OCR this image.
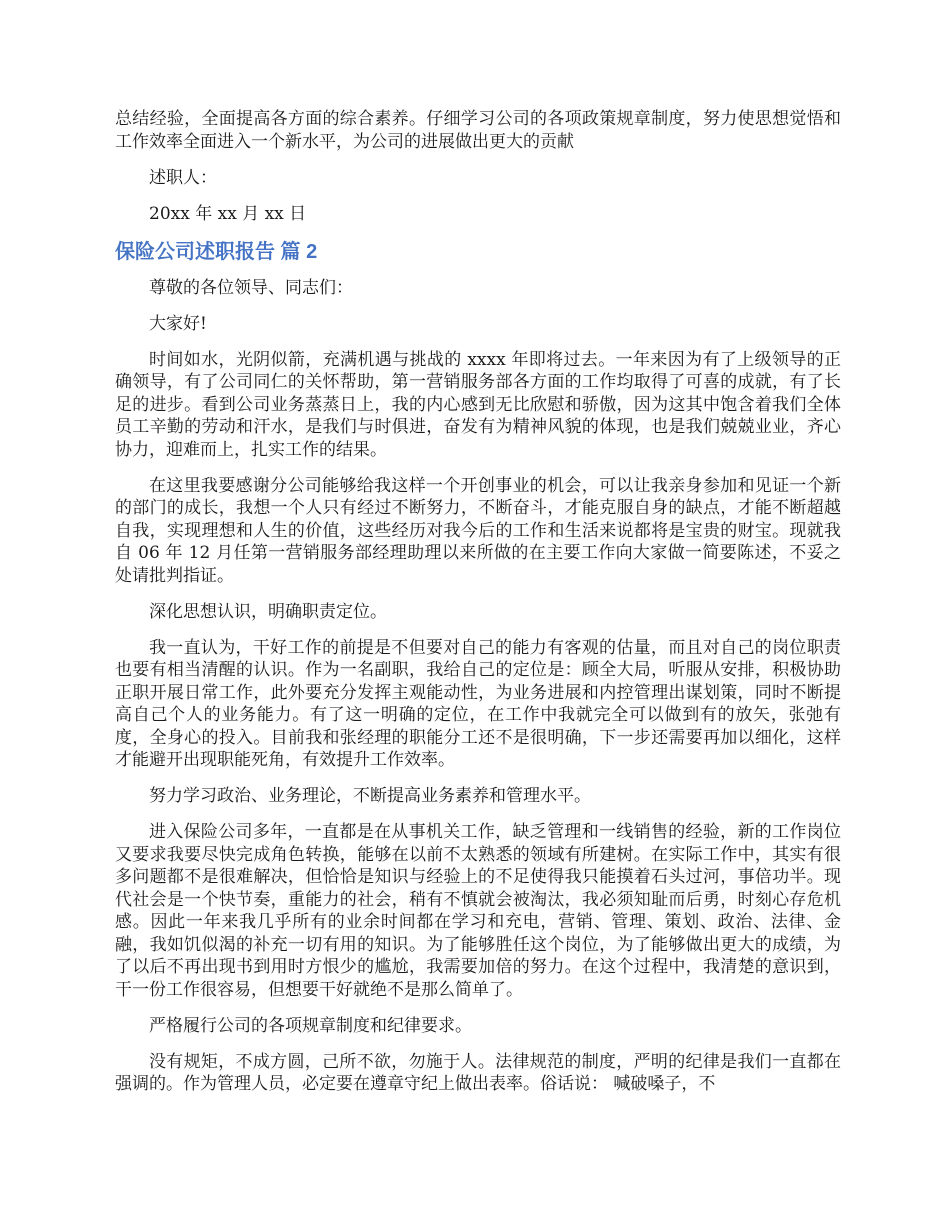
总结经验，全面提高各方面的综合素养。仔细学习公司的各项政策规章制度，努力使思想觉悟和工作效率全面进入一个新水平，为公司的进展做出更大的贡献

述职人：

20xx 年 xx 月 xx 日

保险公司述职报告 篇 2

尊敬的各位领导、同志们：

大家好!

时间如水，光阴似箭，充满机遇与挑战的 xxxx 年即将过去。一年来因为有了上级领导的正确领导，有了公司同仁的关怀帮助，第一营销服务部各方面的工作均取得了可喜的成就，有了长足的进步。看到公司业务蒸蒸日上，我的内心感到无比欣慰和骄傲，因为这其中饱含着我们全体员工辛勤的劳动和汗水，是我们与时俱进，奋发有为精神风貌的体现，也是我们兢兢业业，齐心协力，迎难而上，扎实工作的结果。

在这里我要感谢分公司能够给我这样一个开创事业的机会，可以让我亲身参加和见证一个新的部门的成长，我想一个人只有经过不断努力，不断奋斗，才能克服自身的缺点，才能不断超越自我，实现理想和人生的价值，这些经历对我今后的工作和生活来说都将是宝贵的财宝。现就我自 06 年 12 月任第一营销服务部经理助理以来所做的在主要工作向大家做一简要陈述，不妥之处请批判指证。

深化思想认识，明确职责定位。

我一直认为，干好工作的前提是不但要对自己的能力有客观的估量，而且对自己的岗位职责也要有相当清醒的认识。作为一名副职，我给自己的定位是：顾全大局，听服从安排，积极协助正职开展日常工作，此外要充分发挥主观能动性，为业务进展和内控管理出谋划策，同时不断提高自己个人的业务能力。有了这一明确的定位，在工作中我就完全可以做到有的放矢，张弛有度，全身心的投入。目前我和张经理的职能分工还不是很明确，下一步还需要再加以细化，这样才能避开出现职能死角，有效提升工作效率。

努力学习政治、业务理论，不断提高业务素养和管理水平。

进入保险公司多年，一直都是在从事机关工作，缺乏管理和一线销售的经验，新的工作岗位又要求我要尽快完成角色转换，能够在以前不太熟悉的领域有所建树。在实际工作中，其实有很多问题都不是很难解决，但恰恰是知识与经验上的不足使得我只能摸着石头过河，事倍功半。现代社会是一个快节奏，重能力的社会，稍有不慎就会被淘汰，我必须知耻而后勇，时刻心存危机感。因此一年来我几乎所有的业余时间都在学习和充电，营销、管理、策划、政治、法律、金融，我如饥似渴的补充一切有用的知识。为了能够胜任这个岗位，为了能够做出更大的成绩，为了以后不再出现书到用时方恨少的尴尬，我需要加倍的努力。在这个过程中，我清楚的意识到，干一份工作很容易，但想要干好就绝不是那么简单了。

严格履行公司的各项规章制度和纪律要求。

没有规矩，不成方圆，己所不欲，勿施于人。法律规范的制度，严明的纪律是我们一直都在强调的。作为管理人员，必定要在遵章守纪上做出表率。俗话说： 喊破嗓子，不
